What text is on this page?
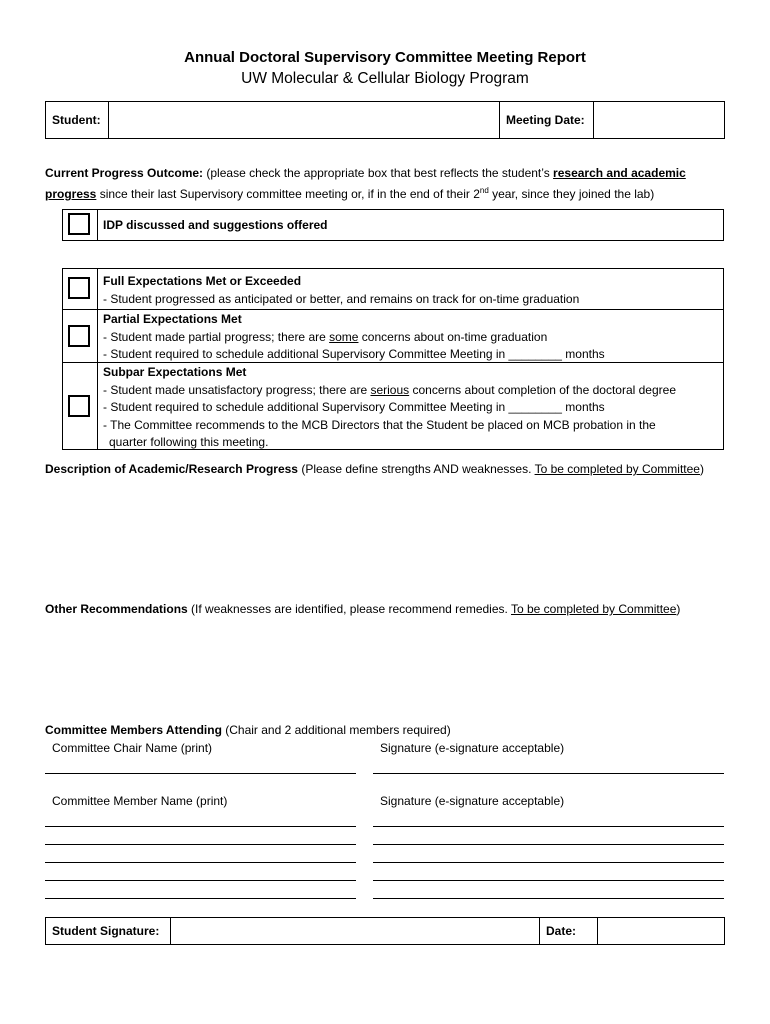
Annual Doctoral Supervisory Committee Meeting Report
UW Molecular & Cellular Biology Program
Student:		Meeting Date:	
Current Progress Outcome: (please check the appropriate box that best reflects the student’s research and academic
progress since their last Supervisory committee meeting or, if in the end of their 2nd year, since they joined the lab)
IDP discussed and suggestions offered
Full Expectations Met or Exceeded
- Student progressed as anticipated or better, and remains on track for on-time graduation
Partial Expectations Met
- Student made partial progress; there are some concerns about on-time graduation
- Student required to schedule additional Supervisory Committee Meeting in ________ months
Subpar Expectations Met
- Student made unsatisfactory progress; there are serious concerns about completion of the doctoral degree
- Student required to schedule additional Supervisory Committee Meeting in ________ months
- The Committee recommends to the MCB Directors that the Student be placed on MCB probation in the
quarter following this meeting.
Description of Academic/Research Progress (Please define strengths AND weaknesses. To be completed by Committee)
Other Recommendations (If weaknesses are identified, please recommend remedies. To be completed by Committee)
Committee Members Attending (Chair and 2 additional members required)
Committee Chair Name (print)	Signature (e-signature acceptable)
Committee Member Name (print)	Signature (e-signature acceptable)
Student Signature:		Date:	
